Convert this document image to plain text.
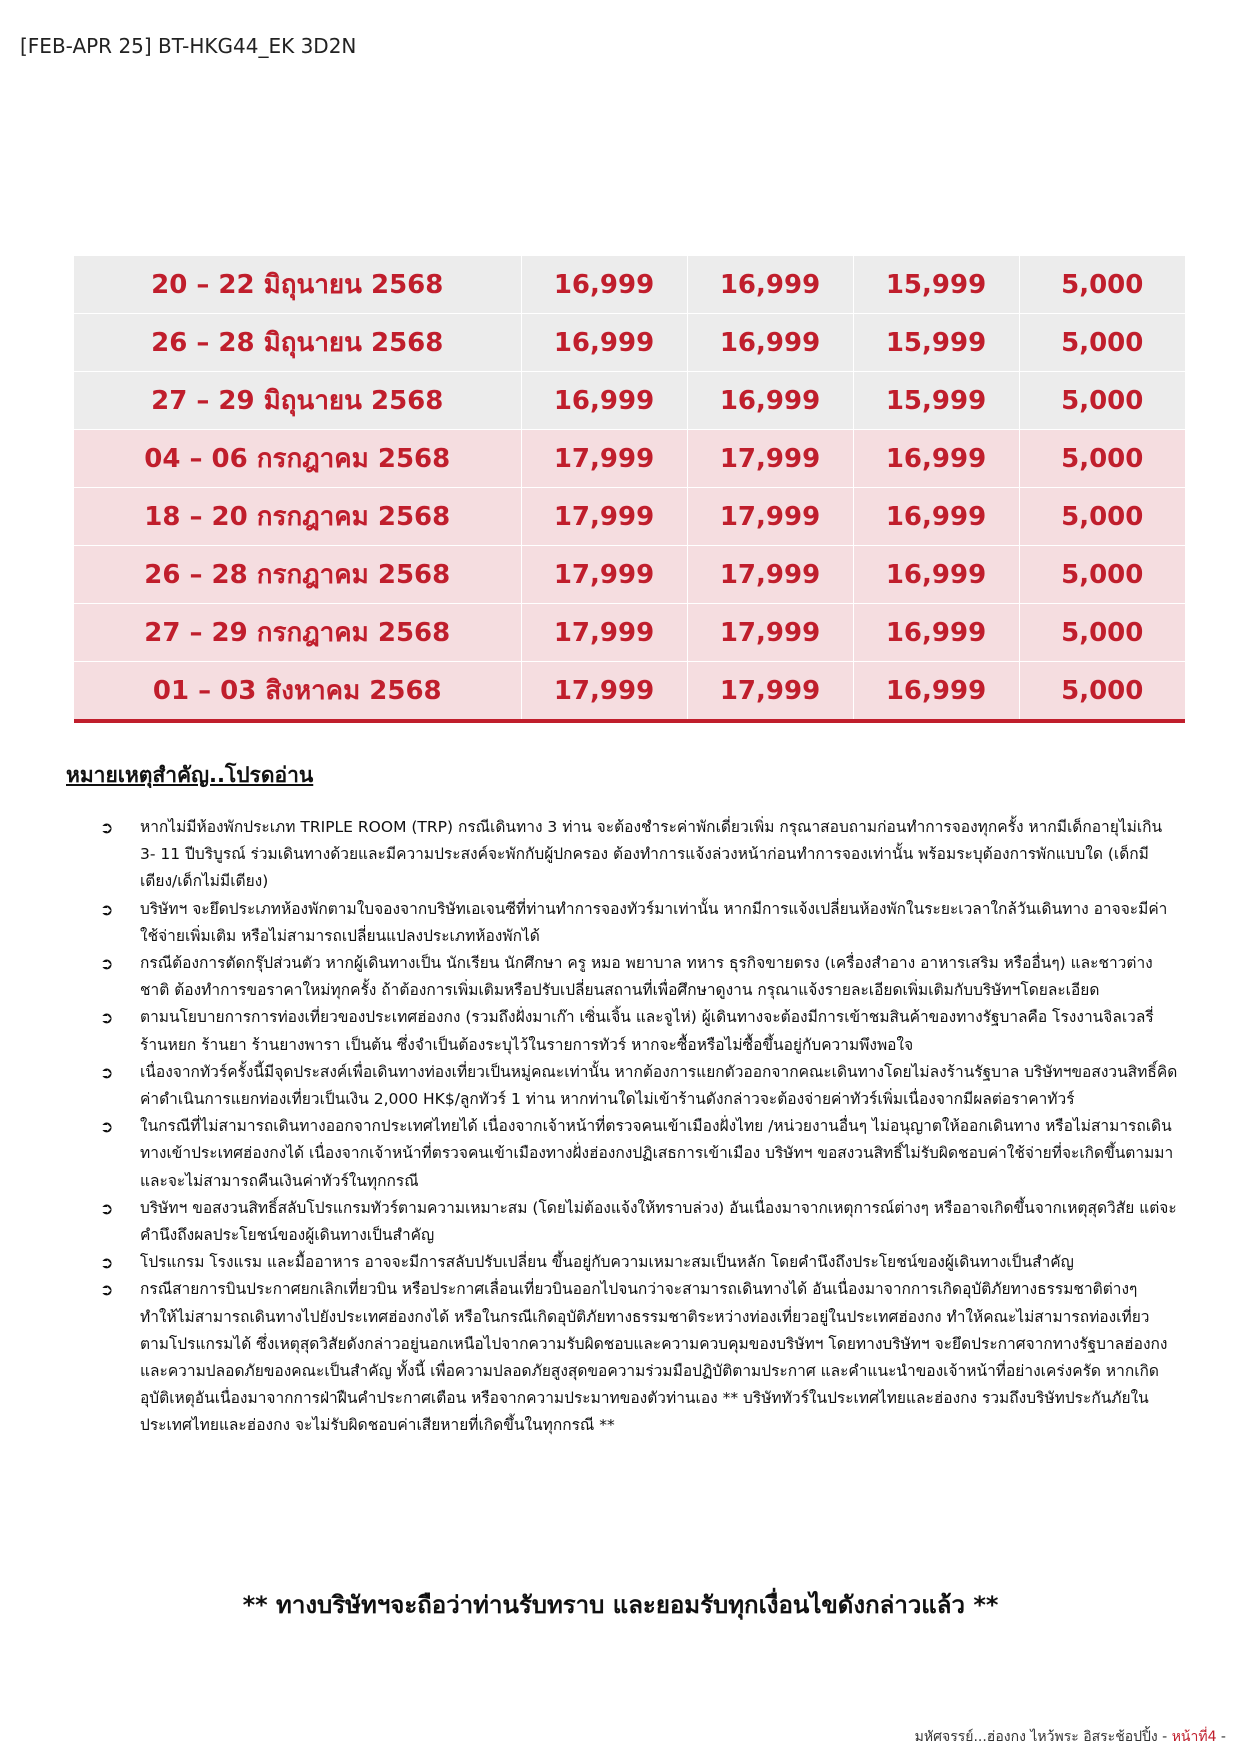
[FEB-APR 25] BT-HKG44_EK 3D2N
20 – 22 มิถุนายน 2568	16,999	16,999	15,999	5,000
26 – 28 มิถุนายน 2568	16,999	16,999	15,999	5,000
27 – 29 มิถุนายน 2568	16,999	16,999	15,999	5,000
04 – 06 กรกฎาคม 2568	17,999	17,999	16,999	5,000
18 – 20 กรกฎาคม 2568	17,999	17,999	16,999	5,000
26 – 28 กรกฎาคม 2568	17,999	17,999	16,999	5,000
27 – 29 กรกฎาคม 2568	17,999	17,999	16,999	5,000
01 – 03 สิงหาคม 2568	17,999	17,999	16,999	5,000
หมายเหตุสำคัญ..โปรดอ่าน
➲ หากไม่มีห้องพักประเภท TRIPLE ROOM (TRP) กรณีเดินทาง 3 ท่าน จะต้องชำระค่าพักเดี่ยวเพิ่ม กรุณาสอบถามก่อนทำการจองทุกครั้ง หากมีเด็กอายุไม่เกิน 3- 11 ปีบริบูรณ์ ร่วมเดินทางด้วยและมีความประสงค์จะพักกับผู้ปกครอง ต้องทำการแจ้งล่วงหน้าก่อนทำการจองเท่านั้น พร้อมระบุต้องการพักแบบใด (เด็กมีเตียง/เด็กไม่มีเตียง)
➲ บริษัทฯ จะยึดประเภทห้องพักตามใบจองจากบริษัทเอเจนซีที่ท่านทำการจองทัวร์มาเท่านั้น หากมีการแจ้งเปลี่ยนห้องพักในระยะเวลาใกล้วันเดินทาง อาจจะมีค่าใช้จ่ายเพิ่มเติม หรือไม่สามารถเปลี่ยนแปลงประเภทห้องพักได้
➲ กรณีต้องการตัดกรุ๊ปส่วนตัว หากผู้เดินทางเป็น นักเรียน นักศึกษา ครู หมอ พยาบาล ทหาร ธุรกิจขายตรง (เครื่องสำอาง อาหารเสริม หรืออื่นๆ) และชาวต่างชาติ ต้องทำการขอราคาใหม่ทุกครั้ง ถ้าต้องการเพิ่มเติมหรือปรับเปลี่ยนสถานที่เพื่อศึกษาดูงาน กรุณาแจ้งรายละเอียดเพิ่มเติมกับบริษัทฯโดยละเอียด
➲ ตามนโยบายการการท่องเที่ยวของประเทศฮ่องกง (รวมถึงฝั่งมาเก๊า เซิ่นเจิ้น และจูไห่) ผู้เดินทางจะต้องมีการเข้าชมสินค้าของทางรัฐบาลคือ โรงงานจิลเวลรี่ ร้านหยก ร้านยา ร้านยางพารา เป็นต้น ซึ่งจำเป็นต้องระบุไว้ในรายการทัวร์ หากจะซื้อหรือไม่ซื้อขึ้นอยู่กับความพึงพอใจ
➲ เนื่องจากทัวร์ครั้งนี้มีจุดประสงค์เพื่อเดินทางท่องเที่ยวเป็นหมู่คณะเท่านั้น หากต้องการแยกตัวออกจากคณะเดินทางโดยไม่ลงร้านรัฐบาล บริษัทฯขอสงวนสิทธิ์คิดค่าดำเนินการแยกท่องเที่ยวเป็นเงิน 2,000 HK$/ลูกทัวร์ 1 ท่าน หากท่านใดไม่เข้าร้านดังกล่าวจะต้องจ่ายค่าทัวร์เพิ่มเนื่องจากมีผลต่อราคาทัวร์
➲ ในกรณีที่ไม่สามารถเดินทางออกจากประเทศไทยได้ เนื่องจากเจ้าหน้าที่ตรวจคนเข้าเมืองฝั่งไทย /หน่วยงานอื่นๆ ไม่อนุญาตให้ออกเดินทาง หรือไม่สามารถเดินทางเข้าประเทศฮ่องกงได้ เนื่องจากเจ้าหน้าที่ตรวจคนเข้าเมืองทางฝั่งฮ่องกงปฏิเสธการเข้าเมือง บริษัทฯ ขอสงวนสิทธิ์ไม่รับผิดชอบค่าใช้จ่ายที่จะเกิดขึ้นตามมา และจะไม่สามารถคืนเงินค่าทัวร์ในทุกกรณี
➲ บริษัทฯ ขอสงวนสิทธิ์สลับโปรแกรมทัวร์ตามความเหมาะสม (โดยไม่ต้องแจ้งให้ทราบล่วง) อันเนื่องมาจากเหตุการณ์ต่างๆ หรืออาจเกิดขึ้นจากเหตุสุดวิสัย แต่จะคำนึงถึงผลประโยชน์ของผู้เดินทางเป็นสำคัญ
➲ โปรแกรม โรงแรม และมื้ออาหาร อาจจะมีการสลับปรับเปลี่ยน ขึ้นอยู่กับความเหมาะสมเป็นหลัก โดยคำนึงถึงประโยชน์ของผู้เดินทางเป็นสำคัญ
➲ กรณีสายการบินประกาศยกเลิกเที่ยวบิน หรือประกาศเลื่อนเที่ยวบินออกไปจนกว่าจะสามารถเดินทางได้ อันเนื่องมาจากการเกิดอุบัติภัยทางธรรมชาติต่างๆ ทำให้ไม่สามารถเดินทางไปยังประเทศฮ่องกงได้ หรือในกรณีเกิดอุบัติภัยทางธรรมชาติระหว่างท่องเที่ยวอยู่ในประเทศฮ่องกง ทำให้คณะไม่สามารถท่องเที่ยวตามโปรแกรมได้ ซึ่งเหตุสุดวิสัยดังกล่าวอยู่นอกเหนือไปจากความรับผิดชอบและความควบคุมของบริษัทฯ โดยทางบริษัทฯ จะยึดประกาศจากทางรัฐบาลฮ่องกง และความปลอดภัยของคณะเป็นสำคัญ ทั้งนี้ เพื่อความปลอดภัยสูงสุดขอความร่วมมือปฏิบัติตามประกาศ และคำแนะนำของเจ้าหน้าที่อย่างเคร่งครัด หากเกิดอุบัติเหตุอันเนื่องมาจากการฝ่าฝืนคำประกาศเตือน หรือจากความประมาทของตัวท่านเอง ** บริษัททัวร์ในประเทศไทยและฮ่องกง รวมถึงบริษัทประกันภัยในประเทศไทยและฮ่องกง จะไม่รับผิดชอบค่าเสียหายที่เกิดขึ้นในทุกกรณี **
** ทางบริษัทฯจะถือว่าท่านรับทราบ และยอมรับทุกเงื่อนไขดังกล่าวแล้ว **
มหัศจรรย์...ฮ่องกง ไหว้พระ อิสระช้อปปิ้ง - หน้าที่4 -
